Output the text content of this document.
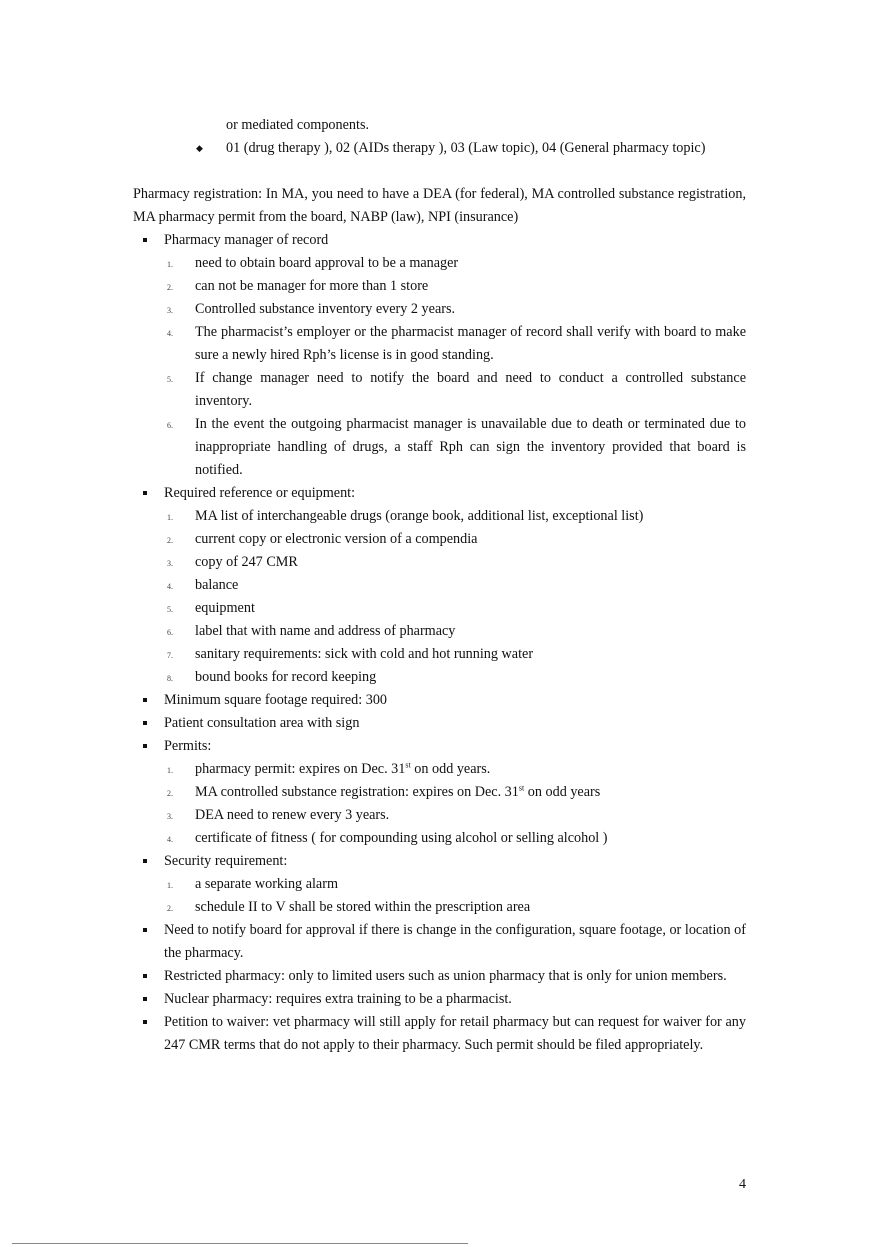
or mediated components.
◆ 01 (drug therapy ), 02 (AIDs therapy ), 03 (Law topic), 04 (General pharmacy topic)
Pharmacy registration: In MA, you need to have a DEA (for federal), MA controlled substance registration, MA pharmacy permit from the board, NABP (law), NPI (insurance)
Pharmacy manager of record
1. need to obtain board approval to be a manager
2. can not be manager for more than 1 store
3. Controlled substance inventory every 2 years.
4. The pharmacist’s employer or the pharmacist manager of record shall verify with board to make sure a newly hired Rph’s license is in good standing.
5. If change manager need to notify the board and need to conduct a controlled substance inventory.
6. In the event the outgoing pharmacist manager is unavailable due to death or terminated due to inappropriate handling of drugs, a staff Rph can sign the inventory provided that board is notified.
Required reference or equipment:
1. MA list of interchangeable drugs (orange book, additional list, exceptional list)
2. current copy or electronic version of a compendia
3. copy of 247 CMR
4. balance
5. equipment
6. label that with name and address of pharmacy
7. sanitary requirements: sick with cold and hot running water
8. bound books for record keeping
Minimum square footage required: 300
Patient consultation area with sign
Permits:
1. pharmacy permit: expires on Dec. 31st on odd years.
2. MA controlled substance registration: expires on Dec. 31st on odd years
3. DEA need to renew every 3 years.
4. certificate of fitness ( for compounding using alcohol or selling alcohol )
Security requirement:
1. a separate working alarm
2. schedule II to V shall be stored within the prescription area
Need to notify board for approval if there is change in the configuration, square footage, or location of the pharmacy.
Restricted pharmacy: only to limited users such as union pharmacy that is only for union members.
Nuclear pharmacy: requires extra training to be a pharmacist.
Petition to waiver: vet pharmacy will still apply for retail pharmacy but can request for waiver for any 247 CMR terms that do not apply to their pharmacy. Such permit should be filed appropriately.
4
